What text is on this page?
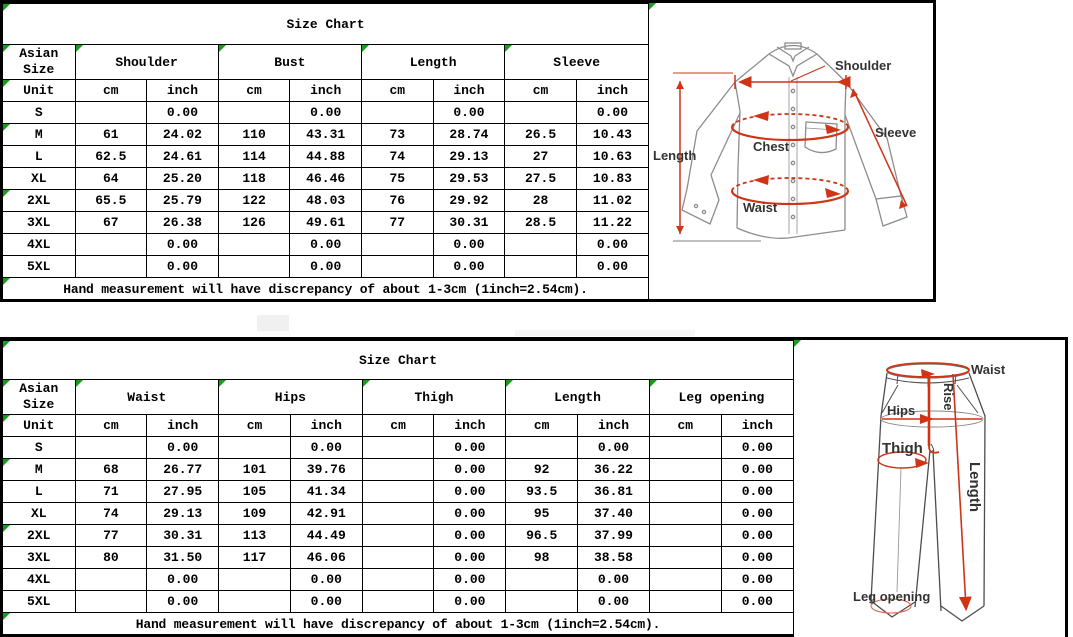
Size Chart								

Asian
Size	Shoulder		Bust		Length		Sleeve	
Unit	cm	inch	cm	inch	cm	inch	cm	inch
S		0.00		0.00		0.00		0.00
M	61	24.02	110	43.31	73	28.74	26.5	10.43
L	62.5	24.61	114	44.88	74	29.13	27	10.63
XL	64	25.20	118	46.46	75	29.53	27.5	10.83
2XL	65.5	25.79	122	48.03	76	29.92	28	11.02
3XL	67	26.38	126	49.61	77	30.31	28.5	11.22
4XL		0.00		0.00		0.00		0.00
5XL		0.00		0.00		0.00		0.00
Hand measurement will have discrepancy of about 1-3cm (1inch=2.54cm).								
Shoulder
Sleeve
Chest
Waist
Length
Size Chart										

Asian
Size	Waist		Hips		Thigh		Length		Leg opening	
Unit	cm	inch	cm	inch	cm	inch	cm	inch	cm	inch
S		0.00		0.00		0.00		0.00		0.00
M	68	26.77	101	39.76		0.00	92	36.22		0.00
L	71	27.95	105	41.34		0.00	93.5	36.81		0.00
XL	74	29.13	109	42.91		0.00	95	37.40		0.00
2XL	77	30.31	113	44.49		0.00	96.5	37.99		0.00
3XL	80	31.50	117	46.06		0.00	98	38.58		0.00
4XL		0.00		0.00		0.00		0.00		0.00
5XL		0.00		0.00		0.00		0.00		0.00
Hand measurement will have discrepancy of about 1-3cm (1inch=2.54cm).										
Waist
Rise
Hips
Thigh
Length
Leg opening
